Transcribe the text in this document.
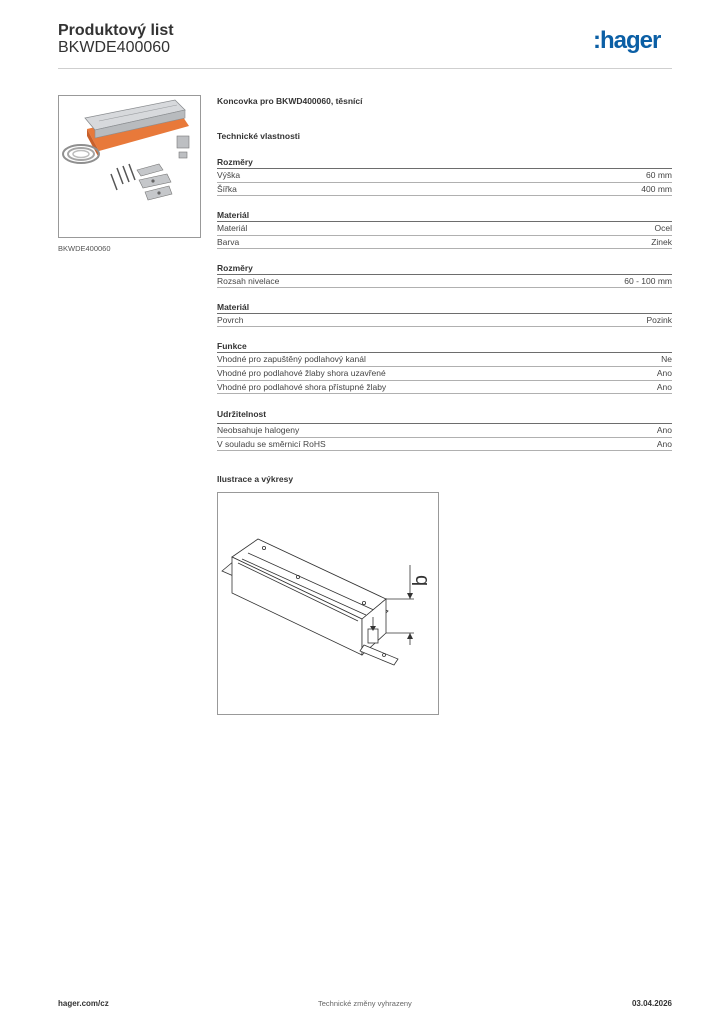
Produktový list
BKWDE400060	:hager
BKWDE400060
Koncovka pro BKWD400060, těsnící
Technické vlastnosti
Rozměry
Výška	60 mm
Šířka	400 mm
Materiál
Materiál	Ocel
Barva	Zinek
Rozměry
Rozsah nivelace	60 - 100 mm
Materiál
Povrch	Pozink
Funkce
Vhodné pro zapuštěný podlahový kanál	Ne
Vhodné pro podlahové žlaby shora uzavřené	Ano
Vhodné pro podlahové shora přístupné žlaby	Ano
Udržitelnost
Neobsahuje halogeny	Ano
V souladu se směrnicí RoHS	Ano
Ilustrace a výkresy
b
hager.com/cz	Technické změny vyhrazeny	03.04.2026
